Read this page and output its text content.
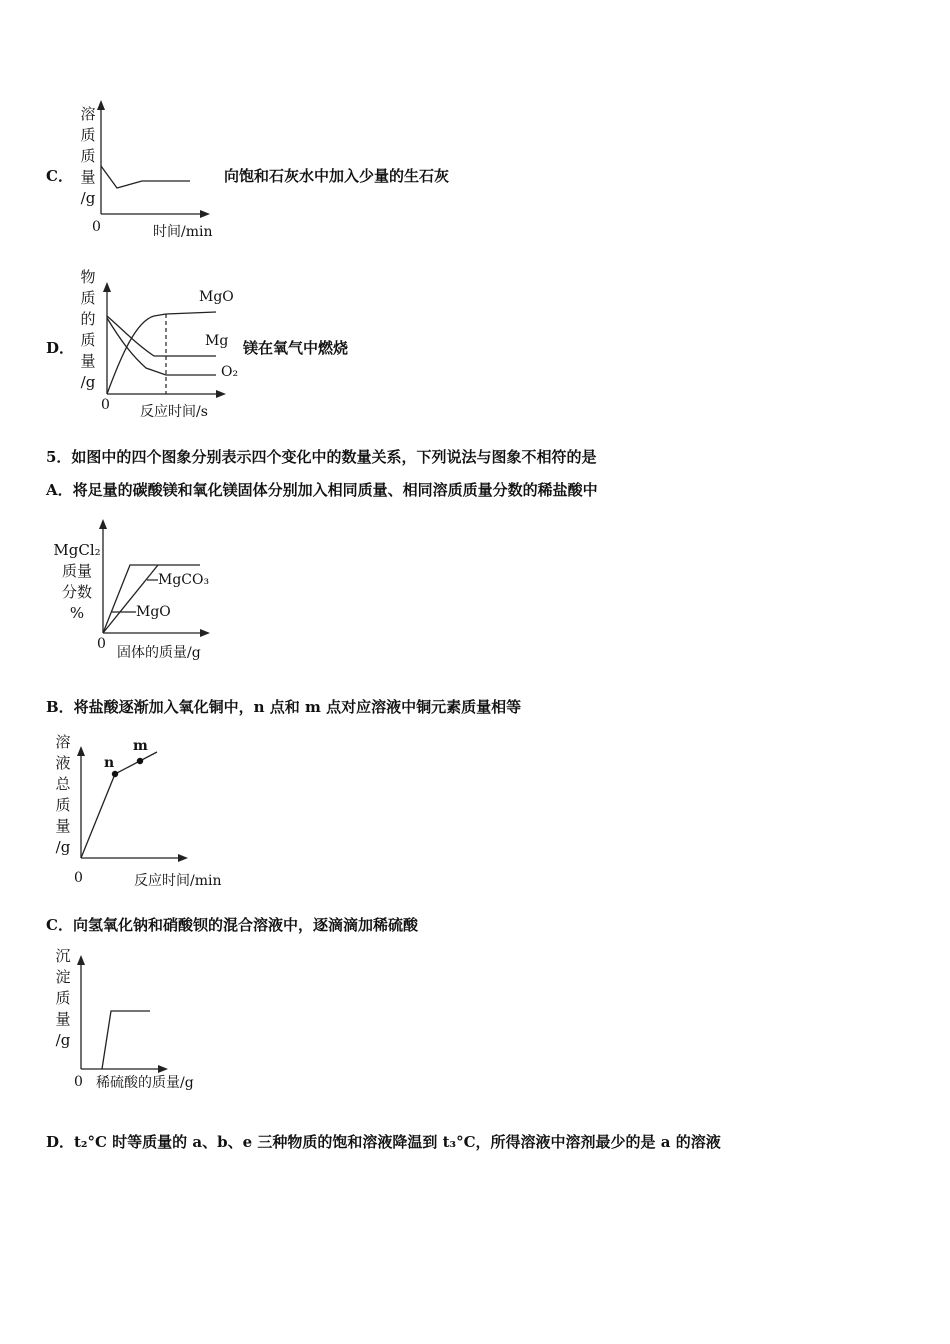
C．
溶
质
质
量
/g
0	时间/min
向饱和石灰水中加入少量的生石灰
D．
物
质
的
质
量
/g
MgO
Mg
O₂
0 反应时间/s
镁在氧气中燃烧
5．如图中的四个图象分别表示四个变化中的数量关系，下列说法与图象不相符的是
A．将足量的碳酸镁和氧化镁固体分别加入相同质量、相同溶质质量分数的稀盐酸中
MgCl₂
质量
分数
%
MgCO₃
MgO
0
固体的质量/g
B．将盐酸逐渐加入氧化铜中，n 点和 m 点对应溶液中铜元素质量相等
溶
液
总
质
量
/g
n
m
0	反应时间/min
C．向氢氧化钠和硝酸钡的混合溶液中，逐滴滴加稀硫酸
沉
淀
质
量
/g
0 稀硫酸的质量/g
D．t₂°C 时等质量的 a、b、e 三种物质的饱和溶液降温到 t₃°C，所得溶液中溶剂最少的是 a 的溶液
